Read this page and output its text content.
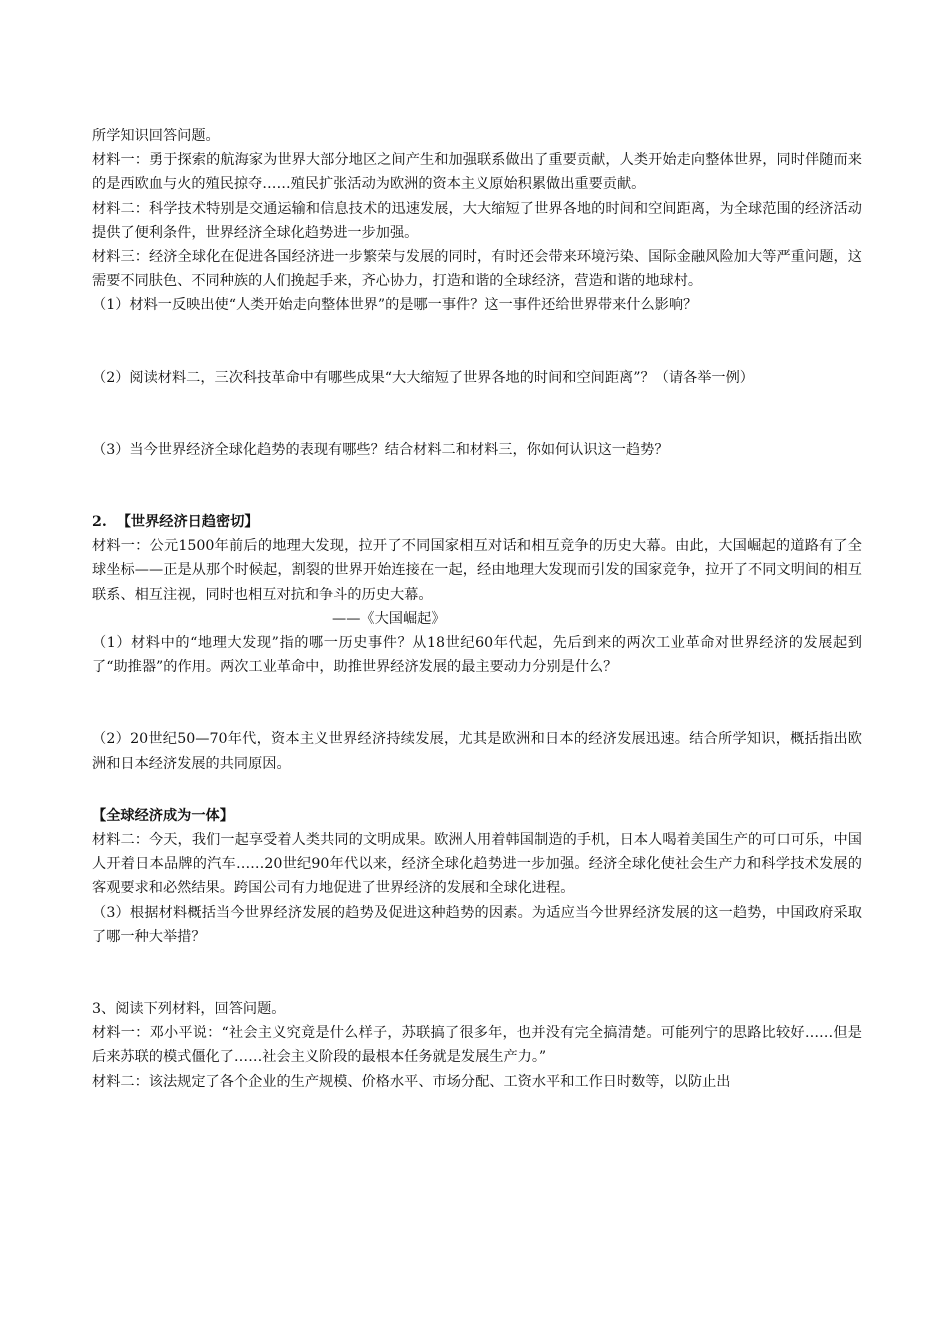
所学知识回答问题。

材料一：勇于探索的航海家为世界大部分地区之间产生和加强联系做出了重要贡献，人类开始走向整体世界，同时伴随而来的是西欧血与火的殖民掠夺……殖民扩张活动为欧洲的资本主义原始积累做出重要贡献。

材料二：科学技术特别是交通运输和信息技术的迅速发展，大大缩短了世界各地的时间和空间距离，为全球范围的经济活动提供了便利条件，世界经济全球化趋势进一步加强。

材料三：经济全球化在促进各国经济进一步繁荣与发展的同时，有时还会带来环境污染、国际金融风险加大等严重问题，这需要不同肤色、不同种族的人们挽起手来，齐心协力，打造和谐的全球经济，营造和谐的地球村。

（1）材料一反映出使“人类开始走向整体世界”的是哪一事件？这一事件还给世界带来什么影响？

（2）阅读材料二，三次科技革命中有哪些成果“大大缩短了世界各地的时间和空间距离”？（请各举一例）

（3）当今世界经济全球化趋势的表现有哪些？结合材料二和材料三，你如何认识这一趋势？

2. 【世界经济日趋密切】

材料一：公元1500年前后的地理大发现，拉开了不同国家相互对话和相互竞争的历史大幕。由此，大国崛起的道路有了全球坐标——正是从那个时候起，割裂的世界开始连接在一起，经由地理大发现而引发的国家竞争，拉开了不同文明间的相互联系、相互注视，同时也相互对抗和争斗的历史大幕。

——《大国崛起》

（1）材料中的“地理大发现”指的哪一历史事件？从18世纪60年代起，先后到来的两次工业革命对世界经济的发展起到了“助推器”的作用。两次工业革命中，助推世界经济发展的最主要动力分别是什么？

（2）20世纪50—70年代，资本主义世界经济持续发展，尤其是欧洲和日本的经济发展迅速。结合所学知识，概括指出欧洲和日本经济发展的共同原因。

【全球经济成为一体】

材料二：今天，我们一起享受着人类共同的文明成果。欧洲人用着韩国制造的手机，日本人喝着美国生产的可口可乐，中国人开着日本品牌的汽车……20世纪90年代以来，经济全球化趋势进一步加强。经济全球化使社会生产力和科学技术发展的客观要求和必然结果。跨国公司有力地促进了世界经济的发展和全球化进程。

（3）根据材料概括当今世界经济发展的趋势及促进这种趋势的因素。为适应当今世界经济发展的这一趋势，中国政府采取了哪一种大举措？

3、阅读下列材料，回答问题。

材料一：邓小平说：“社会主义究竟是什么样子，苏联搞了很多年，也并没有完全搞清楚。可能列宁的思路比较好……但是后来苏联的模式僵化了……社会主义阶段的最根本任务就是发展生产力。”

材料二：该法规定了各个企业的生产规模、价格水平、市场分配、工资水平和工作日时数等，以防止出
